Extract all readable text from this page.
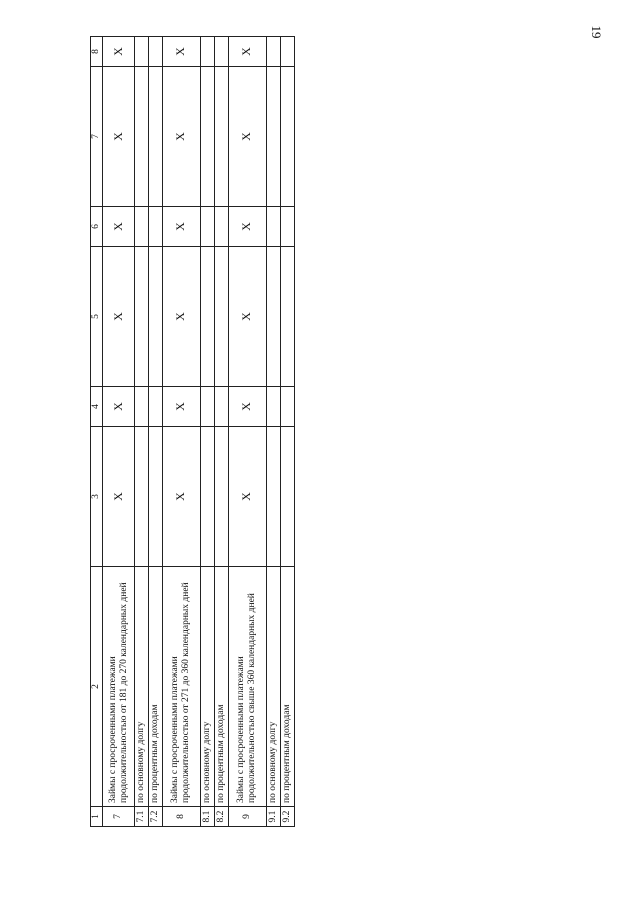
19
1	2	3	4	5	6	7	8
7	Займы с просроченными платежами продолжительностью от 181 до 270 календарных дней	X	X	X	X	X	X
7.1	по основному долгу						
7.2	по процентным доходам						
8	Займы с просроченными платежами продолжительностью от 271 до 360 календарных дней	X	X	X	X	X	X
8.1	по основному долгу						
8.2	по процентным доходам						
9	Займы с просроченными платежами продолжительностью свыше 360 календарных дней	X	X	X	X	X	X
9.1	по основному долгу						
9.2	по процентным доходам						
